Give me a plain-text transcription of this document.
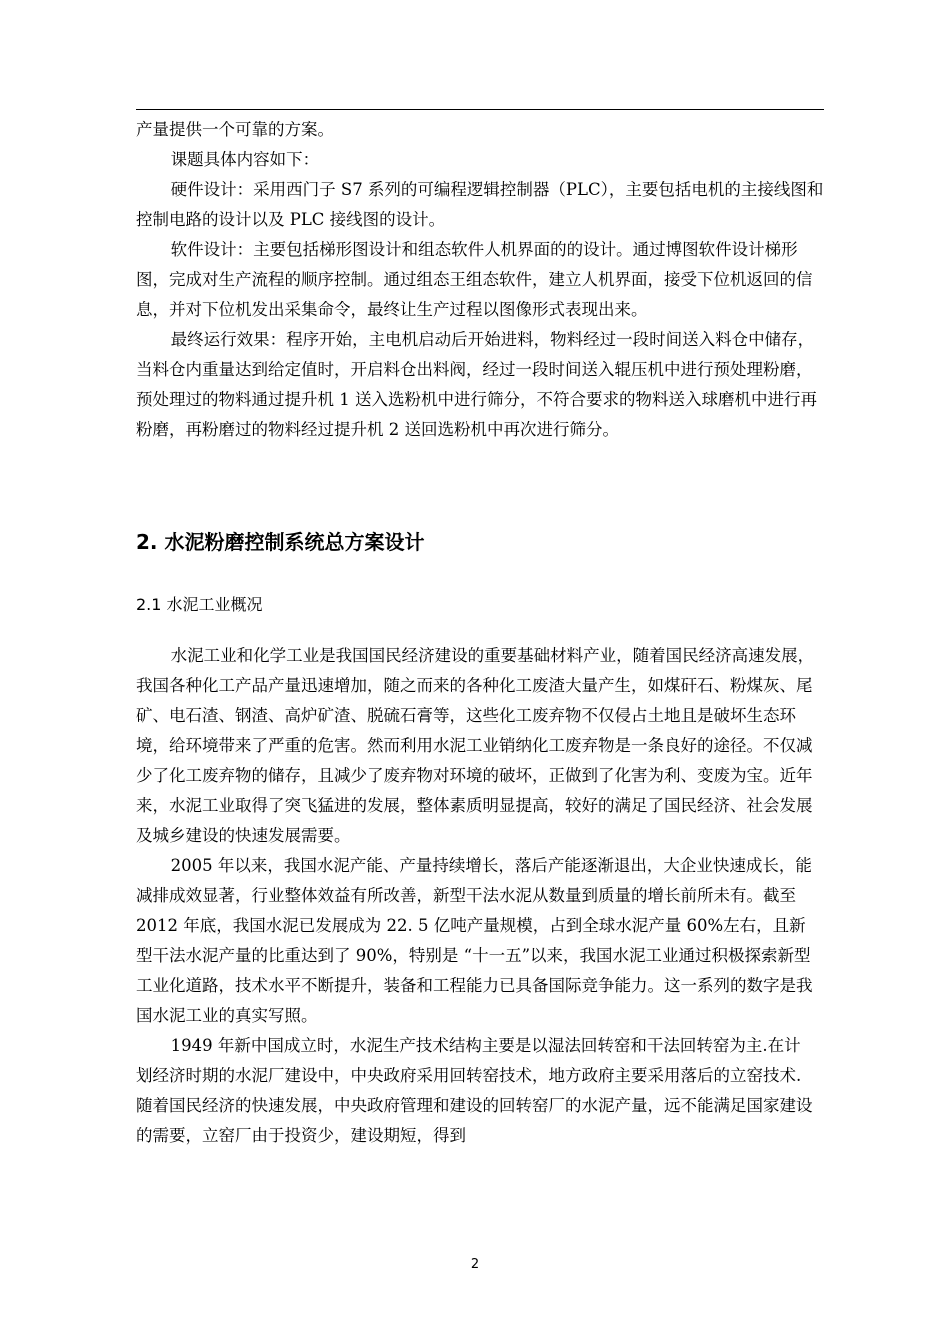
产量提供一个可靠的方案。

课题具体内容如下：

硬件设计：采用西门子 S7 系列的可编程逻辑控制器（PLC），主要包括电机的主接线图和控制电路的设计以及 PLC 接线图的设计。

软件设计：主要包括梯形图设计和组态软件人机界面的的设计。通过博图软件设计梯形图，完成对生产流程的顺序控制。通过组态王组态软件，建立人机界面，接受下位机返回的信息，并对下位机发出采集命令，最终让生产过程以图像形式表现出来。

最终运行效果：程序开始，主电机启动后开始进料，物料经过一段时间送入料仓中储存，当料仓内重量达到给定值时，开启料仓出料阀，经过一段时间送入辊压机中进行预处理粉磨，预处理过的物料通过提升机 1 送入选粉机中进行筛分，不符合要求的物料送入球磨机中进行再粉磨，再粉磨过的物料经过提升机 2 送回选粉机中再次进行筛分。

2. 水泥粉磨控制系统总方案设计
2.1 水泥工业概况

水泥工业和化学工业是我国国民经济建设的重要基础材料产业，随着国民经济高速发展，我国各种化工产品产量迅速增加，随之而来的各种化工废渣大量产生，如煤矸石、粉煤灰、尾矿、电石渣、钢渣、高炉矿渣、脱硫石膏等，这些化工废弃物不仅侵占土地且是破坏生态环境，给环境带来了严重的危害。然而利用水泥工业销纳化工废弃物是一条良好的途径。不仅减少了化工废弃物的储存，且减少了废弃物对环境的破坏，正做到了化害为利、变废为宝。近年来，水泥工业取得了突飞猛进的发展，整体素质明显提高，较好的满足了国民经济、社会发展及城乡建设的快速发展需要。

2005 年以来，我国水泥产能、产量持续增长，落后产能逐渐退出，大企业快速成长，能减排成效显著，行业整体效益有所改善，新型干法水泥从数量到质量的增长前所未有。截至 2012 年底，我国水泥已发展成为 22. 5 亿吨产量规模，占到全球水泥产量 60%左右，且新型干法水泥产量的比重达到了 90%，特别是 “十一五”以来，我国水泥工业通过积极探索新型工业化道路，技术水平不断提升，装备和工程能力已具备国际竞争能力。这一系列的数字是我国水泥工业的真实写照。

1949 年新中国成立时，水泥生产技术结构主要是以湿法回转窑和干法回转窑为主.在计划经济时期的水泥厂建设中，中央政府采用回转窑技术，地方政府主要采用落后的立窑技术.随着国民经济的快速发展，中央政府管理和建设的回转窑厂的水泥产量，远不能满足国家建设的需要，立窑厂由于投资少，建设期短，得到

2
